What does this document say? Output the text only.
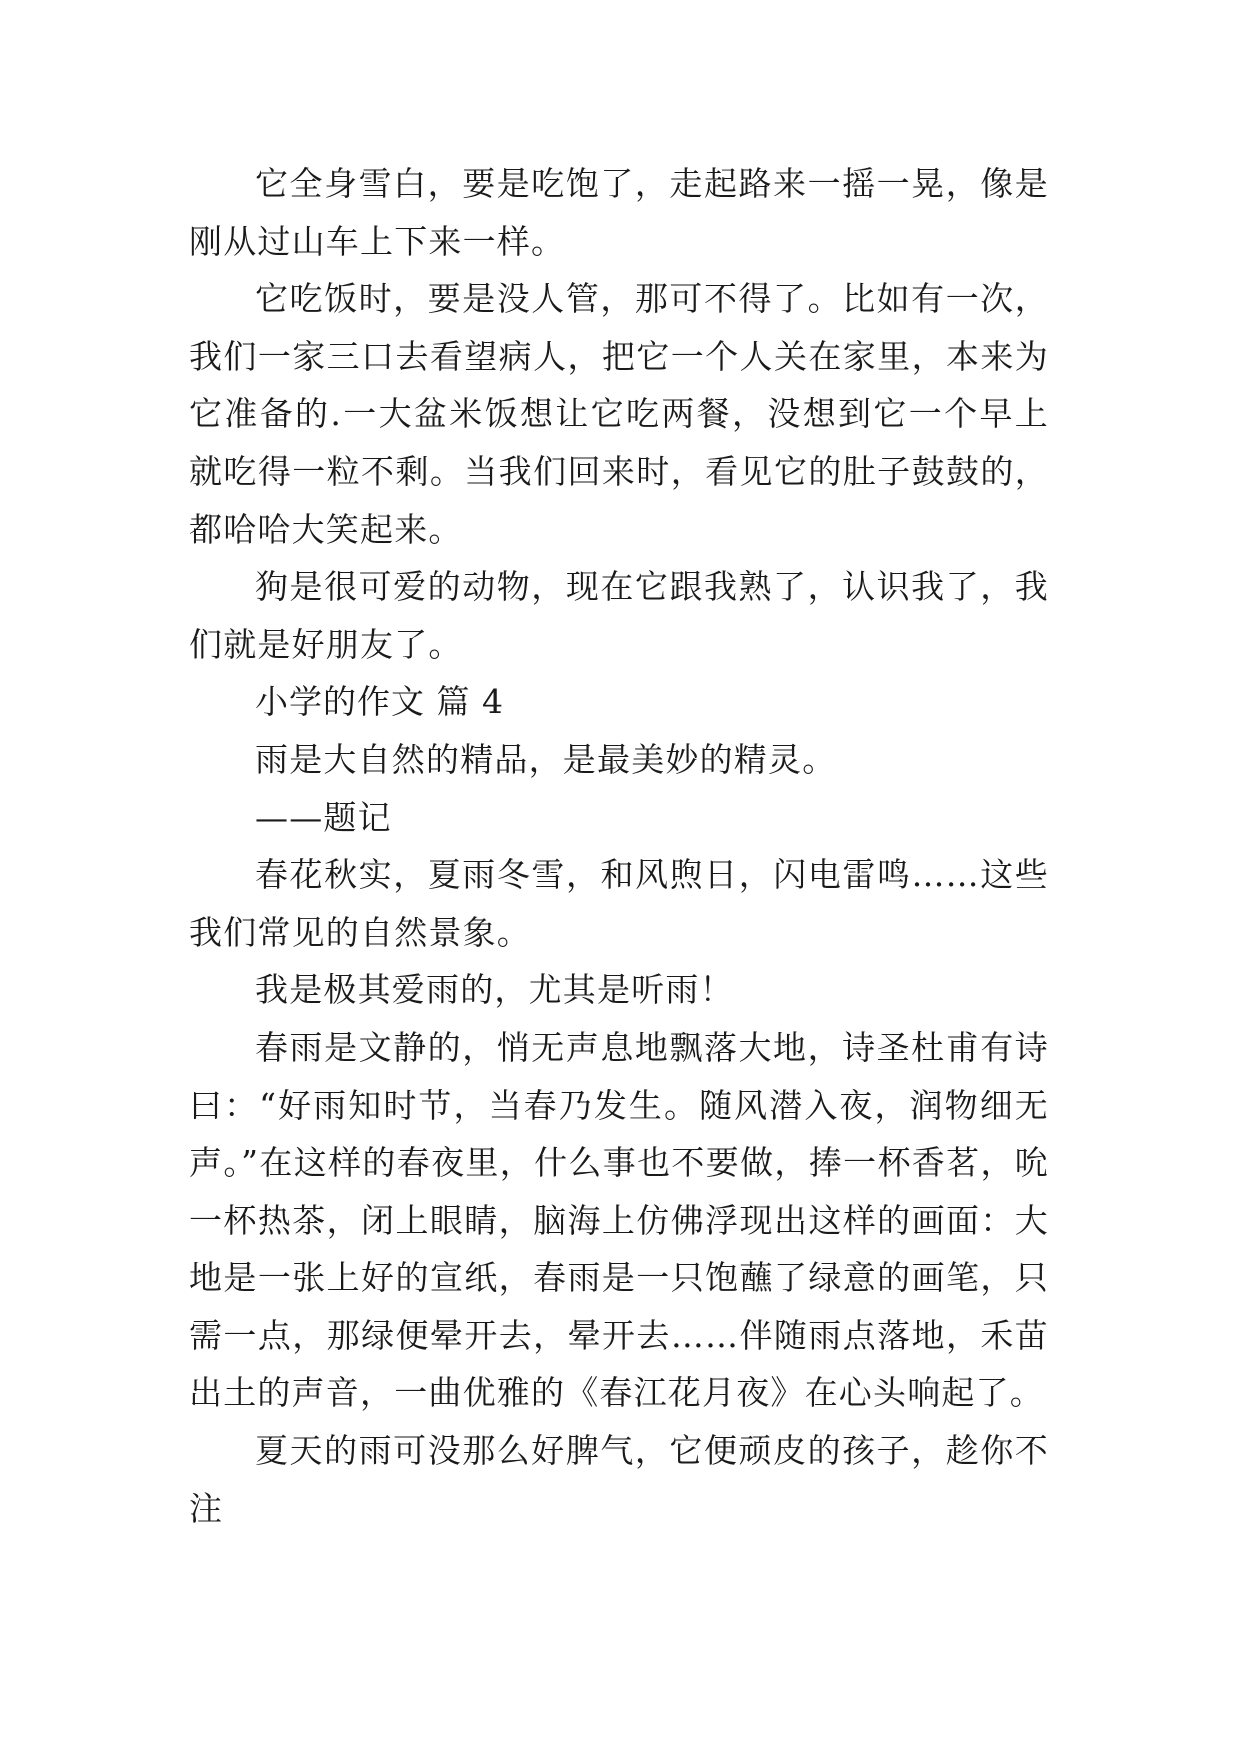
它全身雪白，要是吃饱了，走起路来一摇一晃，像是刚从过山车上下来一样。

它吃饭时，要是没人管，那可不得了。比如有一次，我们一家三口去看望病人，把它一个人关在家里，本来为它准备的.一大盆米饭想让它吃两餐，没想到它一个早上就吃得一粒不剩。当我们回来时，看见它的肚子鼓鼓的，都哈哈大笑起来。

狗是很可爱的动物，现在它跟我熟了，认识我了，我们就是好朋友了。

小学的作文 篇 4

雨是大自然的精品，是最美妙的精灵。

——题记

春花秋实，夏雨冬雪，和风煦日，闪电雷鸣……这些我们常见的自然景象。

我是极其爱雨的，尤其是听雨！

春雨是文静的，悄无声息地飘落大地，诗圣杜甫有诗曰：“好雨知时节，当春乃发生。随风潜入夜，润物细无声。”在这样的春夜里，什么事也不要做，捧一杯香茗，吮一杯热茶，闭上眼睛，脑海上仿佛浮现出这样的画面：大地是一张上好的宣纸，春雨是一只饱蘸了绿意的画笔，只需一点，那绿便晕开去，晕开去……伴随雨点落地，禾苗出土的声音，一曲优雅的《春江花月夜》在心头响起了。

夏天的雨可没那么好脾气，它便顽皮的孩子，趁你不注
